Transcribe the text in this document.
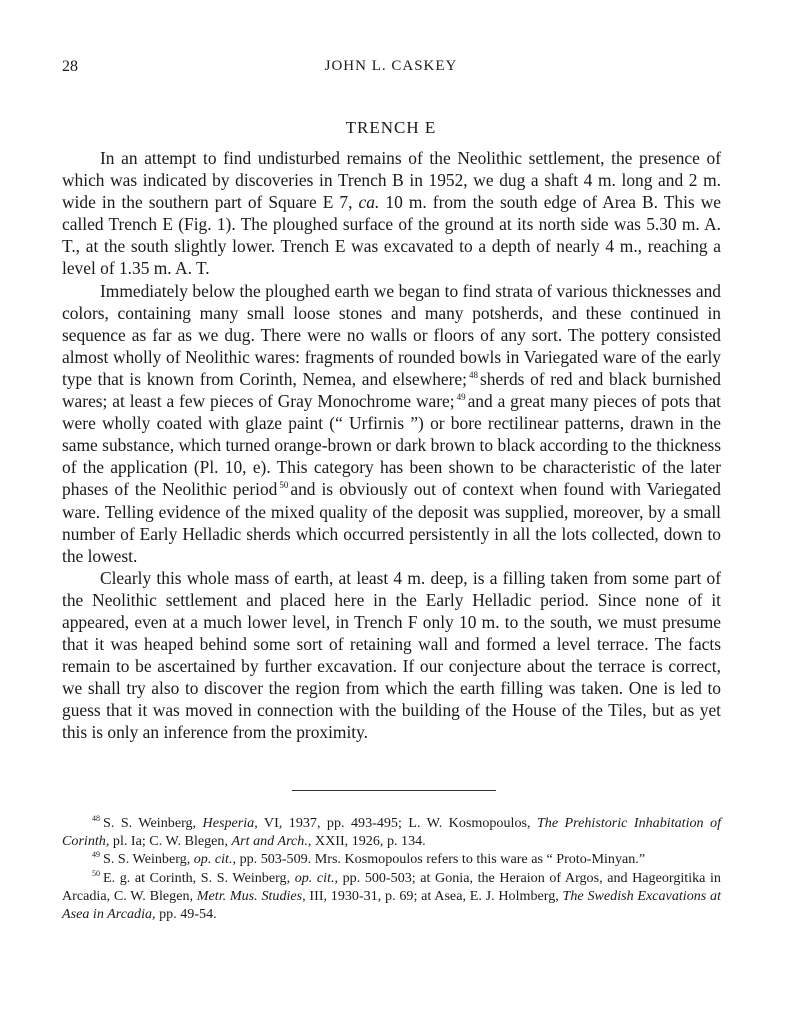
28	JOHN L. CASKEY
TRENCH E

In an attempt to find undisturbed remains of the Neolithic settlement, the presence of which was indicated by discoveries in Trench B in 1952, we dug a shaft 4 m. long and 2 m. wide in the southern part of Square E 7, ca. 10 m. from the south edge of Area B. This we called Trench E (Fig. 1). The ploughed surface of the ground at its north side was 5.30 m. A. T., at the south slightly lower. Trench E was excavated to a depth of nearly 4 m., reaching a level of 1.35 m. A. T.

Immediately below the ploughed earth we began to find strata of various thicknesses and colors, containing many small loose stones and many potsherds, and these continued in sequence as far as we dug. There were no walls or floors of any sort. The pottery consisted almost wholly of Neolithic wares: fragments of rounded bowls in Variegated ware of the early type that is known from Corinth, Nemea, and elsewhere; $^{48}$ sherds of red and black burnished wares; at least a few pieces of Gray Monochrome ware; $^{49}$ and a great many pieces of pots that were wholly coated with glaze paint (“ Urfirnis ”) or bore rectilinear patterns, drawn in the same substance, which turned orange-brown or dark brown to black according to the thickness of the application (Pl. 10, e). This category has been shown to be characteristic of the later phases of the Neolithic period $^{50}$ and is obviously out of context when found with Variegated ware. Telling evidence of the mixed quality of the deposit was supplied, moreover, by a small number of Early Helladic sherds which occurred persistently in all the lots collected, down to the lowest.

Clearly this whole mass of earth, at least 4 m. deep, is a filling taken from some part of the Neolithic settlement and placed here in the Early Helladic period. Since none of it appeared, even at a much lower level, in Trench F only 10 m. to the south, we must presume that it was heaped behind some sort of retaining wall and formed a level terrace. The facts remain to be ascertained by further excavation. If our conjecture about the terrace is correct, we shall try also to discover the region from which the earth filling was taken. One is led to guess that it was moved in connection with the building of the House of the Tiles, but as yet this is only an inference from the proximity.

$^{48}$ S. S. Weinberg, Hesperia, VI, 1937, pp. 493-495; L. W. Kosmopoulos, The Prehistoric Inhabitation of Corinth, pl. Ia; C. W. Blegen, Art and Arch., XXII, 1926, p. 134.

$^{49}$ S. S. Weinberg, op. cit., pp. 503-509. Mrs. Kosmopoulos refers to this ware as “ Proto-Minyan.”

$^{50}$ E. g. at Corinth, S. S. Weinberg, op. cit., pp. 500-503; at Gonia, the Heraion of Argos, and Hageorgitika in Arcadia, C. W. Blegen, Metr. Mus. Studies, III, 1930-31, p. 69; at Asea, E. J. Holmberg, The Swedish Excavations at Asea in Arcadia, pp. 49-54.
